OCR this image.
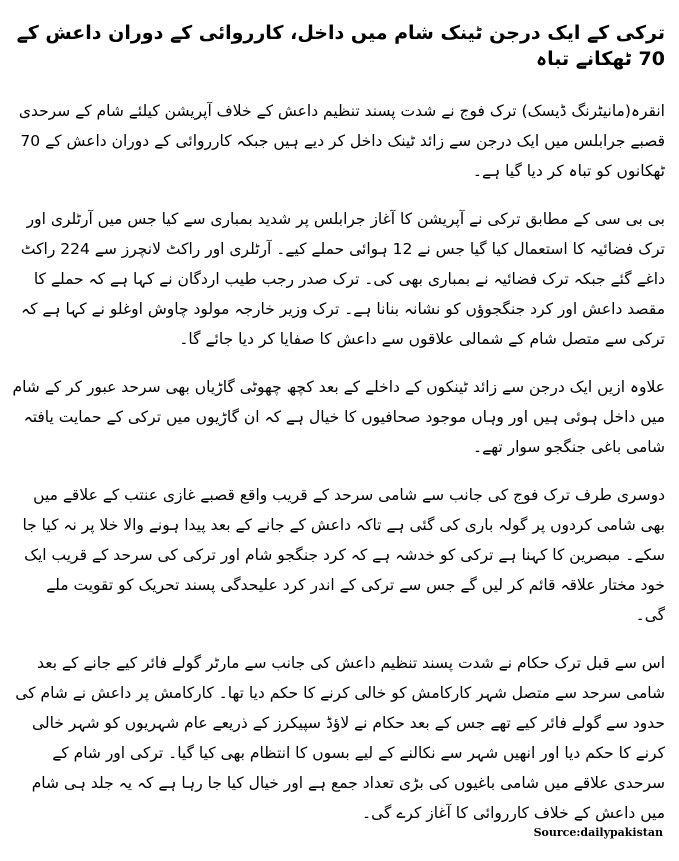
ترکی کے ایک درجن ٹینک شام میں داخل، کارروائی کے دوران داعش کے 70 ٹھکانے تباہ

انقرہ(مانیٹرنگ ڈیسک) ترک فوج نے شدت پسند تنظیم داعش کے خلاف آپریشن کیلئے شام کے سرحدی قصبے جرابلس میں ایک درجن سے زائد ٹینک داخل کر دیے ہیں جبکہ کارروائی کے دوران داعش کے 70 ٹھکانوں کو تباہ کر دیا گیا ہے۔

بی بی سی کے مطابق ترکی نے آپریشن کا آغاز جرابلس پر شدید بمباری سے کیا جس میں آرٹلری اور ترک فضائیہ کا استعمال کیا گیا جس نے 12 ہوائی حملے کیے۔ آرٹلری اور راکٹ لانچرز سے 224 راکٹ داغے گئے جبکہ ترک فضائیہ نے بمباری بھی کی۔ ترک صدر رجب طیب اردگان نے کہا ہے کہ حملے کا مقصد داعش اور کرد جنگجوؤں کو نشانہ بنانا ہے۔ ترک وزیر خارجہ مولود چاوش اوغلو نے کہا ہے کہ ترکی سے متصل شام کے شمالی علاقوں سے داعش کا صفایا کر دیا جائے گا۔

علاوہ ازیں ایک درجن سے زائد ٹینکوں کے داخلے کے بعد کچھ چھوٹی گاڑیاں بھی سرحد عبور کر کے شام میں داخل ہوئی ہیں اور وہاں موجود صحافیوں کا خیال ہے کہ ان گاڑیوں میں ترکی کے حمایت یافتہ شامی باغی جنگجو سوار تھے۔

دوسری طرف ترک فوج کی جانب سے شامی سرحد کے قریب واقع قصبے غازی عنتب کے علاقے میں بھی شامی کردوں پر گولہ باری کی گئی ہے تاکہ داعش کے جانے کے بعد پیدا ہونے والا خلا پر نہ کیا جا سکے۔ مبصرین کا کہنا ہے ترکی کو خدشہ ہے کہ کرد جنگجو شام اور ترکی کی سرحد کے قریب ایک خود مختار علاقہ قائم کر لیں گے جس سے ترکی کے اندر کرد علیحدگی پسند تحریک کو تقویت ملے گی۔

اس سے قبل ترک حکام نے شدت پسند تنظیم داعش کی جانب سے مارٹر گولے فائر کیے جانے کے بعد شامی سرحد سے متصل شہر کارکامش کو خالی کرنے کا حکم دیا تھا۔ کارکامش پر داعش نے شام کی حدود سے گولے فائر کیے تھے جس کے بعد حکام نے لاؤڈ سپیکرز کے ذریعے عام شہریوں کو شہر خالی کرنے کا حکم دیا اور انھیں شہر سے نکالنے کے لیے بسوں کا انتظام بھی کیا گیا۔ ترکی اور شام کے سرحدی علاقے میں شامی باغیوں کی بڑی تعداد جمع ہے اور خیال کیا جا رہا ہے کہ یہ جلد ہی شام میں داعش کے خلاف کارروائی کا آغاز کرے گی۔

Source:dailypakistan
